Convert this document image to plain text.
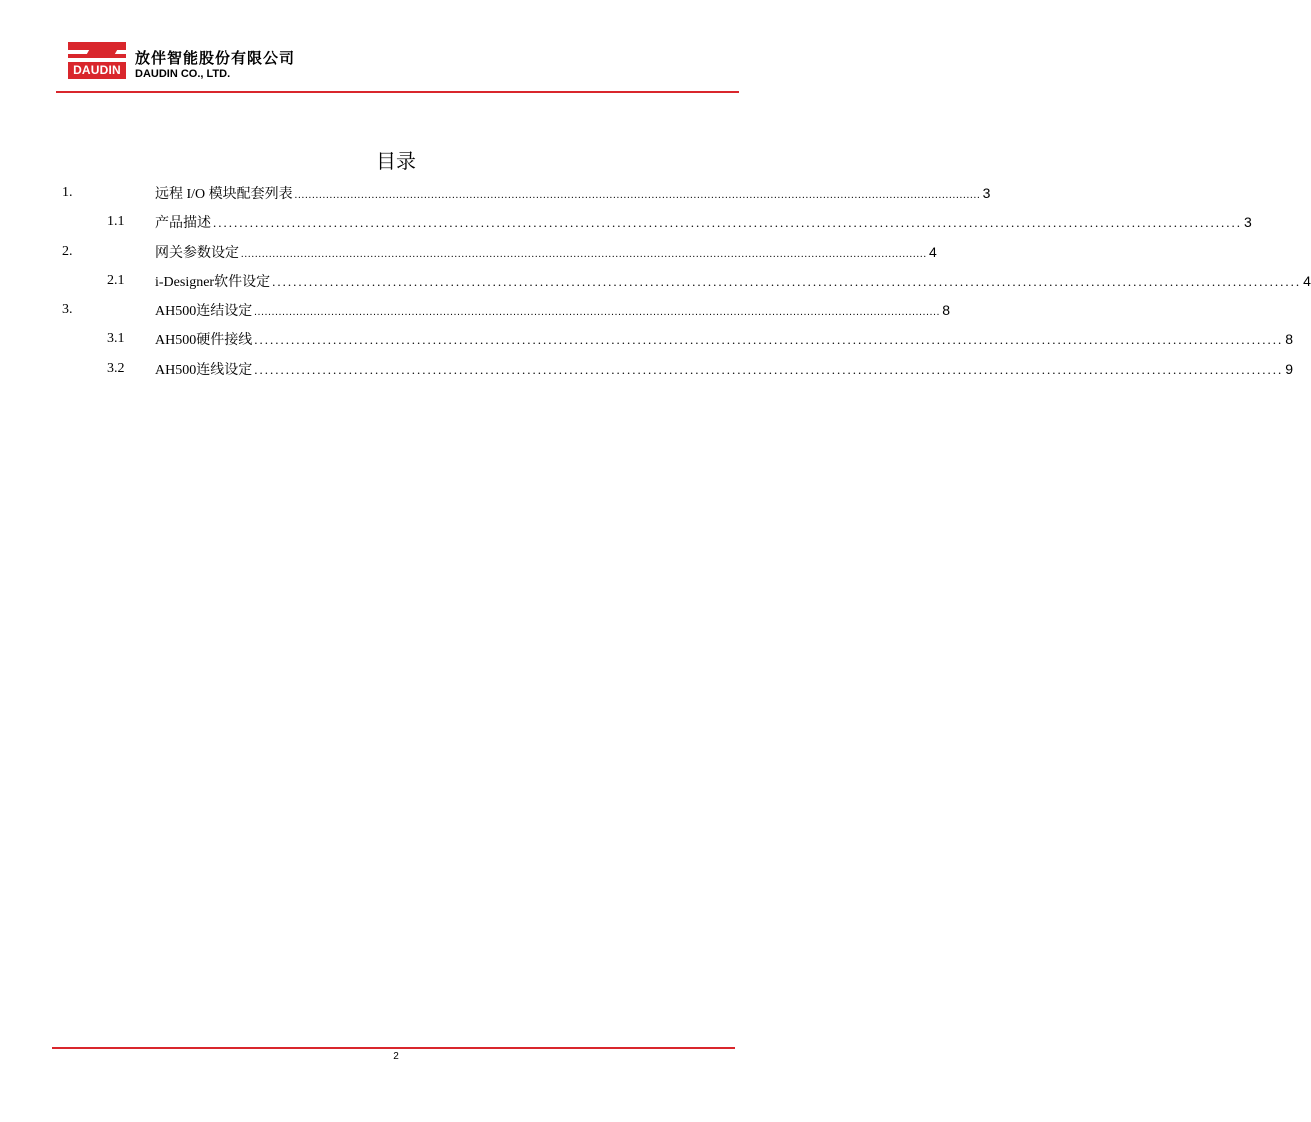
DAUDIN
放伴智能股份有限公司
DAUDIN CO., LTD.
目录
1.	远程 I/O 模块配套列表 .................................................................................................................................................................................................... 3
1.1 产品描述 .................................................................................................................................................................................................... 3
2.	网关参数设定 .................................................................................................................................................................................................... 4
2.1 i-Designer软件设定 .................................................................................................................................................................................................... 4
3.	AH500连结设定 .................................................................................................................................................................................................... 8
3.1 AH500硬件接线 .................................................................................................................................................................................................... 8
3.2 AH500连线设定 .................................................................................................................................................................................................... 9
2
